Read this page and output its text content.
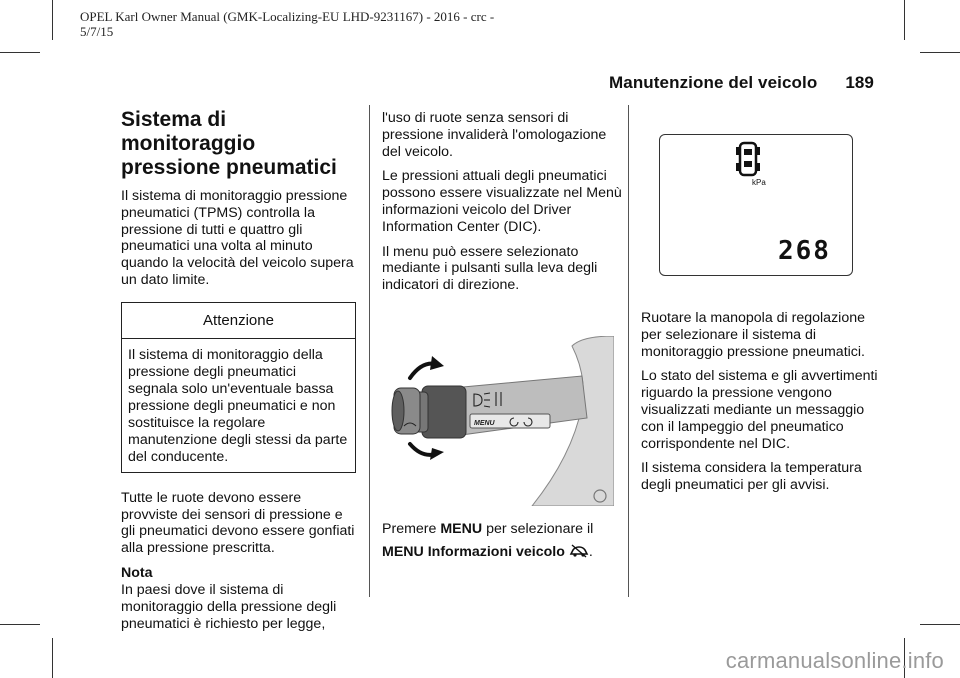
OPEL Karl Owner Manual (GMK-Localizing-EU LHD-9231167) - 2016 - crc -
5/7/15
Manutenzione del veicolo 189
Sistema di monitoraggio pressione pneumatici

Il sistema di monitoraggio pressione pneumatici (TPMS) controlla la pressione di tutti e quattro gli pneumatici una volta al minuto quando la velocità del veicolo supera un dato limite.

Attenzione
Il sistema di monitoraggio della pressione degli pneumatici segnala solo un'eventuale bassa pressione degli pneumatici e non sostituisce la regolare manutenzione degli stessi da parte del conducente.

Tutte le ruote devono essere provviste dei sensori di pressione e gli pneumatici devono essere gonfiati alla pressione prescritta.

Nota

In paesi dove il sistema di monitoraggio della pressione degli pneumatici è richiesto per legge,

l'uso di ruote senza sensori di pressione invaliderà l'omologazione del veicolo.

Le pressioni attuali degli pneumatici possono essere visualizzate nel Menù informazioni veicolo del Driver Information Center (DIC).

Il menu può essere selezionato mediante i pulsanti sulla leva degli indicatori di direzione.

MENU

Premere MENU per selezionare il

MENU Informazioni veicolo .

kPa
268

Ruotare la manopola di regolazione per selezionare il sistema di monitoraggio pressione pneumatici.

Lo stato del sistema e gli avvertimenti riguardo la pressione vengono visualizzati mediante un messaggio con il lampeggio del pneumatico corrispondente nel DIC.

Il sistema considera la temperatura degli pneumatici per gli avvisi.

carmanualsonline.info
